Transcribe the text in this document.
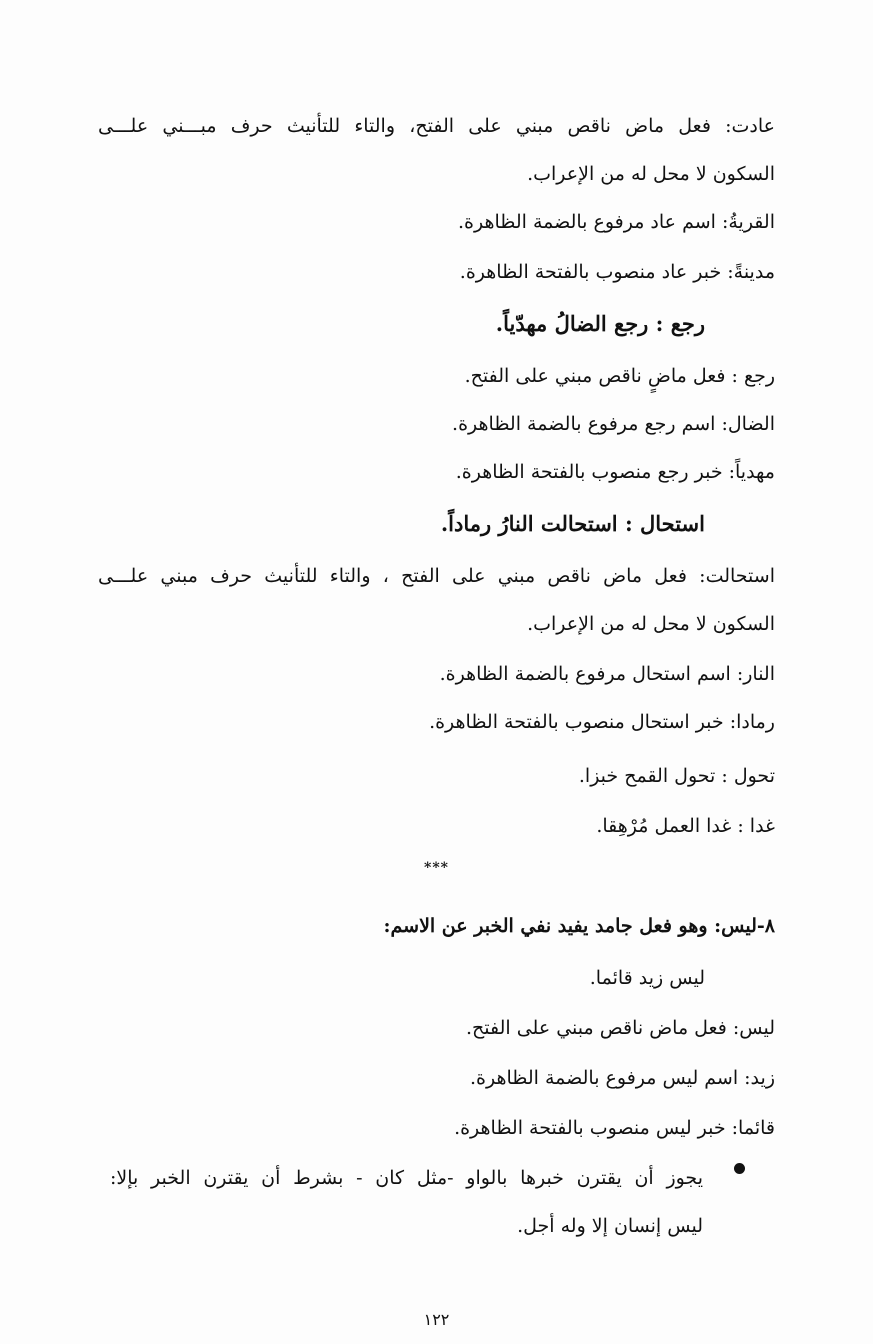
عادت: فعل ماض ناقص مبني على الفتح، والتاء للتأنيث حرف مبـــني علـــى
السكون لا محل له من الإعراب.
القريةُ: اسم عاد مرفوع بالضمة الظاهرة.
مدينةً: خبر عاد منصوب بالفتحة الظاهرة.
رجع : رجع الضالُ مهدّياً.
رجع : فعل ماضٍ ناقص مبني على الفتح.
الضال: اسم رجع مرفوع بالضمة الظاهرة.
مهدياً: خبر رجع منصوب بالفتحة الظاهرة.
استحال : استحالت النارُ رماداً.
استحالت: فعل ماض ناقص مبني على الفتح ، والتاء للتأنيث حرف مبني علـــى
السكون لا محل له من الإعراب.
النار: اسم استحال مرفوع بالضمة الظاهرة.
رمادا: خبر استحال منصوب بالفتحة الظاهرة.
تحول : تحول القمح خبزا.
غدا : غدا العمل مُرْهِقا.
***
٨-ليس: وهو فعل جامد يفيد نفي الخبر عن الاسم:
ليس زيد قائما.
ليس: فعل ماض ناقص مبني على الفتح.
زيد: اسم ليس مرفوع بالضمة الظاهرة.
قائما: خبر ليس منصوب بالفتحة الظاهرة.
يجوز أن يقترن خبرها بالواو -مثل كان - بشرط أن يقترن الخبر بإلا:
ليس إنسان إلا وله أجل.
١٢٢
